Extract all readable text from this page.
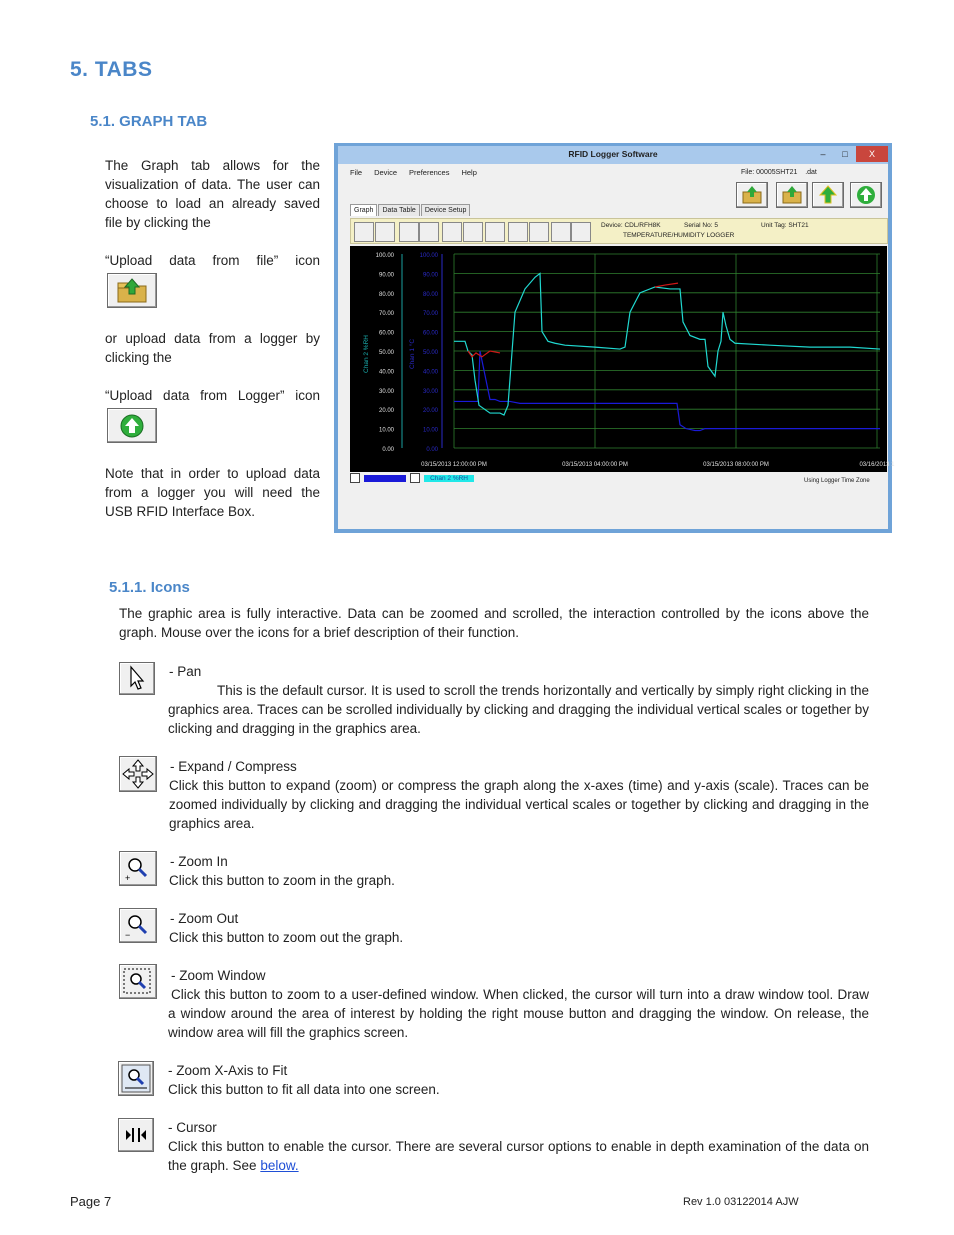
5. TABS
5.1. GRAPH TAB
The Graph tab allows for the visualization of data. The user can choose to load an already saved file by clicking the
“Upload data from file” icon
or upload data from a logger by clicking the
“Upload data from Logger” icon
Note that in order to upload data from a logger you will need the USB RFID Interface Box.
RFID Logger Software	–	□	X
File Device Preferences Help	File: 00005SHT21 .dat
Graph	Data Table	Device Setup
Device: CDL/RFH8K	Serial No: 5	Unit Tag: SHT21
TEMPERATURE/HUMIDITY LOGGER
100.00
90.00
80.00
70.00
60.00
50.00
40.00
30.00
20.00
10.00
0.00
100.00
90.00
80.00
70.00
60.00
50.00
40.00
30.00
20.00
10.00
0.00
03/15/2013 12:00:00 PM	03/15/2013 04:00:00 PM	03/15/2013 08:00:00 PM	03/16/2013 1
Chan 2 %RH	Chan 1 °C
Chan 1 °C	Chan 2 %RH	Using Logger Time Zone
5.1.1. Icons
The graphic area is fully interactive. Data can be zoomed and scrolled, the interaction controlled by the icons above the graph. Mouse over the icons for a brief description of their function.
- Pan
This is the default cursor. It is used to scroll the trends horizontally and vertically by simply right clicking in the graphics area. Traces can be scrolled individually by clicking and dragging the individual vertical scales or together by clicking and dragging in the graphics area.
- Expand / Compress
Click this button to expand (zoom) or compress the graph along the x-axes (time) and y-axis (scale). Traces can be zoomed individually by clicking and dragging the individual vertical scales or together by clicking and dragging in the graphics area.
+
- Zoom In
Click this button to zoom in the graph.
−
- Zoom Out
Click this button to zoom out the graph.
- Zoom Window
Click this button to zoom to a user-defined window. When clicked, the cursor will turn into a draw window tool. Draw a window around the area of interest by holding the right mouse button and dragging the window. On release, the window area will fill the graphics screen.
- Zoom X-Axis to Fit
Click this button to fit all data into one screen.
- Cursor
Click this button to enable the cursor. There are several cursor options to enable in depth examination of the data on the graph. See below.
Page 7	Rev 1.0 03122014 AJW
